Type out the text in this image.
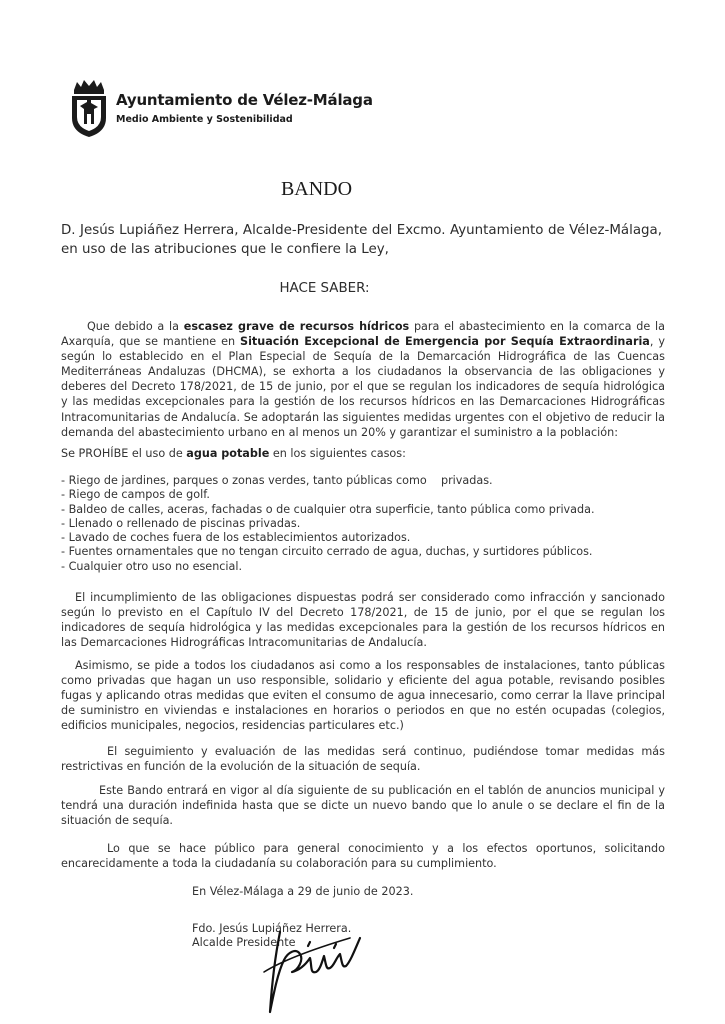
Ayuntamiento de Vélez-Málaga
Medio Ambiente y Sostenibilidad
BANDO
D. Jesús Lupiáñez Herrera, Alcalde-Presidente del Excmo. Ayuntamiento de Vélez-Málaga, en uso de las atribuciones que le confiere la Ley,
HACE SABER:
Que debido a la escasez grave de recursos hídricos para el abastecimiento en la comarca de la Axarquía, que se mantiene en Situación Excepcional de Emergencia por Sequía Extraordinaria, y según lo establecido en el Plan Especial de Sequía de la Demarcación Hidrográfica de las Cuencas Mediterráneas Andaluzas (DHCMA), se exhorta a los ciudadanos la observancia de las obligaciones y deberes del Decreto 178/2021, de 15 de junio, por el que se regulan los indicadores de sequía hidrológica y las medidas excepcionales para la gestión de los recursos hídricos en las Demarcaciones Hidrográficas Intracomunitarias de Andalucía. Se adoptarán las siguientes medidas urgentes con el objetivo de reducir la demanda del abastecimiento urbano en al menos un 20% y garantizar el suministro a la población:
Se PROHÍBE el uso de agua potable en los siguientes casos:
- Riego de jardines, parques o zonas verdes, tanto públicas como    privadas.
- Riego de campos de golf.
- Baldeo de calles, aceras, fachadas o de cualquier otra superficie, tanto pública como privada.
- Llenado o rellenado de piscinas privadas.
- Lavado de coches fuera de los establecimientos autorizados.
- Fuentes ornamentales que no tengan circuito cerrado de agua, duchas, y surtidores públicos.
- Cualquier otro uso no esencial.
El incumplimiento de las obligaciones dispuestas podrá ser considerado como infracción y sancionado según lo previsto en el Capítulo IV del Decreto 178/2021, de 15 de junio, por el que se regulan los indicadores de sequía hidrológica y las medidas excepcionales para la gestión de los recursos hídricos en las Demarcaciones Hidrográficas Intracomunitarias de Andalucía.
Asimismo, se pide a todos los ciudadanos asi como a los responsables de instalaciones, tanto públicas como privadas que hagan un uso responsible, solidario y eficiente del agua potable, revisando posibles fugas y aplicando otras medidas que eviten el consumo de agua innecesario, como cerrar la llave principal de suministro en viviendas e instalaciones en horarios o periodos en que no estén ocupadas (colegios, edificios municipales, negocios, residencias particulares etc.)
El seguimiento y evaluación de las medidas será continuo, pudiéndose tomar medidas más restrictivas en función de la evolución de la situación de sequía.
Este Bando entrará en vigor al día siguiente de su publicación en el tablón de anuncios municipal y tendrá una duración indefinida hasta que se dicte un nuevo bando que lo anule o se declare el fin de la situación de sequía.
Lo que se hace público para general conocimiento y a los efectos oportunos, solicitando encarecidamente a toda la ciudadanía su colaboración para su cumplimiento.
En Vélez-Málaga a 29 de junio de 2023.
Fdo. Jesús Lupiáñez Herrera.
Alcalde Presidente
